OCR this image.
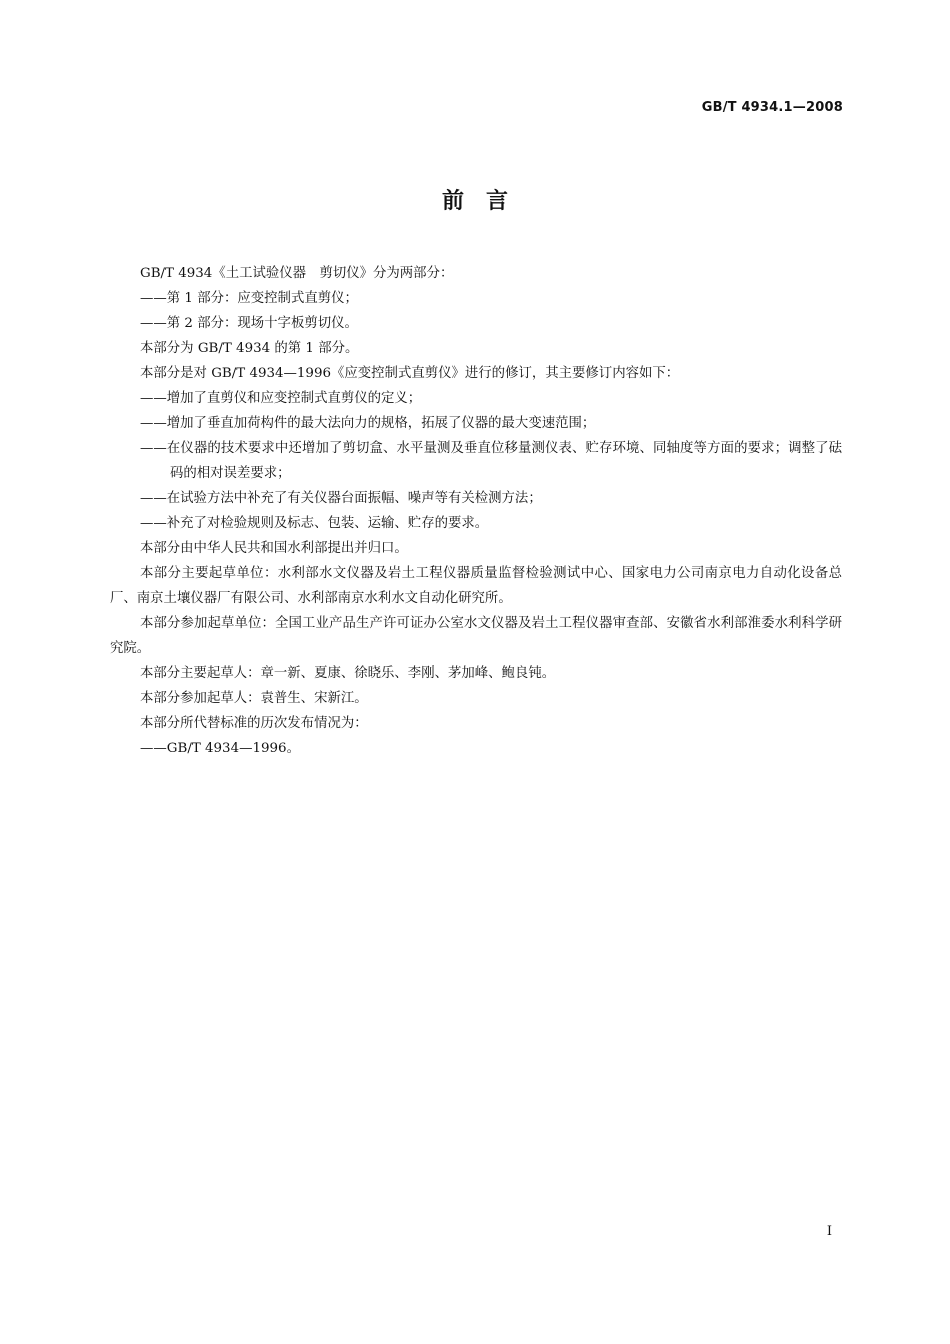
GB/T 4934.1—2008
前　言

GB/T 4934《土工试验仪器　剪切仪》分为两部分：

——第 1 部分：应变控制式直剪仪；

——第 2 部分：现场十字板剪切仪。

本部分为 GB/T 4934 的第 1 部分。

本部分是对 GB/T 4934—1996《应变控制式直剪仪》进行的修订，其主要修订内容如下：

——增加了直剪仪和应变控制式直剪仪的定义；

——增加了垂直加荷构件的最大法向力的规格，拓展了仪器的最大变速范围；

——在仪器的技术要求中还增加了剪切盒、水平量测及垂直位移量测仪表、贮存环境、同轴度等方面的要求；调整了砝码的相对误差要求；

——在试验方法中补充了有关仪器台面振幅、噪声等有关检测方法；

——补充了对检验规则及标志、包装、运输、贮存的要求。

本部分由中华人民共和国水利部提出并归口。

本部分主要起草单位：水利部水文仪器及岩土工程仪器质量监督检验测试中心、国家电力公司南京电力自动化设备总厂、南京土壤仪器厂有限公司、水利部南京水利水文自动化研究所。

本部分参加起草单位：全国工业产品生产许可证办公室水文仪器及岩土工程仪器审查部、安徽省水利部淮委水利科学研究院。

本部分主要起草人：章一新、夏康、徐晓乐、李刚、茅加峰、鲍良钝。

本部分参加起草人：袁普生、宋新江。

本部分所代替标准的历次发布情况为：

——GB/T 4934—1996。

I
